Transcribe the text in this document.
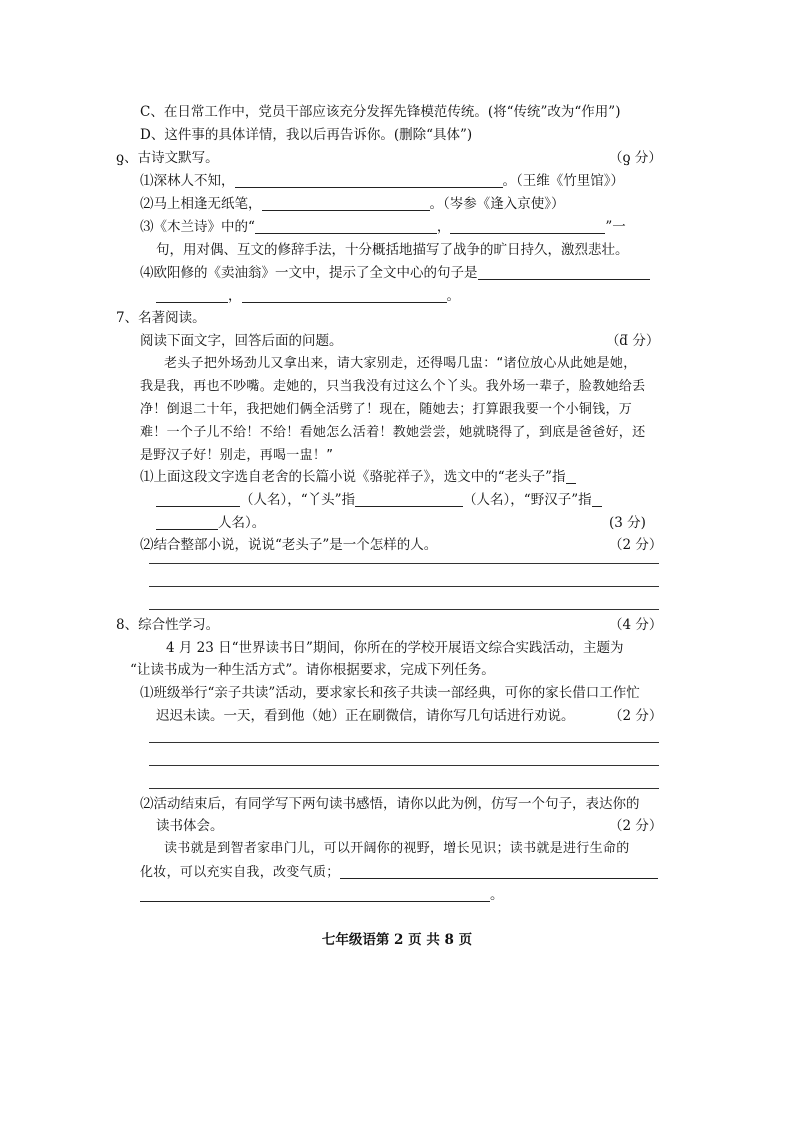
C、在日常工作中，党员干部应该充分发挥先锋模范传统。(将“传统”改为“作用”)
D、这件事的具体详情，我以后再告诉你。(删除“具体”)
ƍ、古诗文默写。	（ƍ 分）
⑴深林人不知，	。（王维《竹里馆》）
⑵马上相逢无纸笔，	。（岑参《逢入京使》）
⑶《木兰诗》中的“	，	”一
句，用对偶、互文的修辞手法，十分概括地描写了战争的旷日持久，激烈悲壮。
⑷欧阳修的《卖油翁》一文中，提示了全文中心的句子是
，	。
7、名著阅读。
阅读下面文字，回答后面的问题。	（ƌ 分）
老头子把外场劲儿又拿出来，请大家别走，还得喝几盅：“诸位放心从此她是她，
我是我，再也不吵嘴。走她的，只当我没有过这么个丫头。我外场一辈子，脸教她给丢
净！倒退二十年，我把她们俩全活劈了！现在，随她去；打算跟我要一个小铜钱，万
难！一个子儿不给！不给！看她怎么活着！教她尝尝，她就晓得了，到底是爸爸好，还
是野汉子好！别走，再喝一盅！”
⑴上面这段文字选自老舍的长篇小说《骆驼祥子》，选文中的“老头子”指
（人名），“丫头”指	（人名），“野汉子”指
人名）。	(3 分)
⑵结合整部小说，说说“老头子”是一个怎样的人。	（2 分）
8、综合性学习。	（4 分）
4 月 23 日“世界读书日”期间，你所在的学校开展语文综合实践活动，主题为
“让读书成为一种生活方式”。请你根据要求，完成下列任务。
⑴班级举行“亲子共读”活动，要求家长和孩子共读一部经典，可你的家长借口工作忙
迟迟未读。一天，看到他（她）正在刷微信，请你写几句话进行劝说。	（2 分）
⑵活动结束后，有同学写下两句读书感悟，请你以此为例，仿写一个句子，表达你的
读书体会。	（2 分）
读书就是到智者家串门儿，可以开阔你的视野，增长见识；读书就是进行生命的
化妆，可以充实自我，改变气质；
。
七年级语第 2 页 共 8 页
